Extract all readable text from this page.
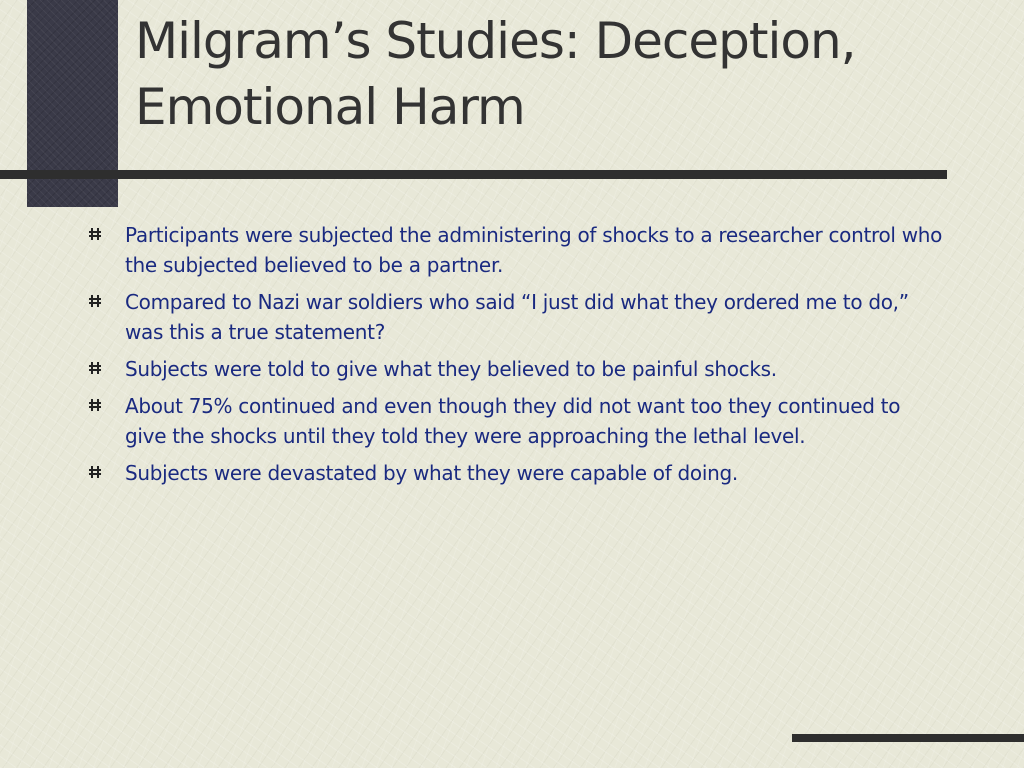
Milgram’s Studies: Deception, Emotional Harm
Participants were subjected the administering of shocks to a researcher control who the subjected believed to be a partner.
Compared to Nazi war soldiers who said “I just did what they ordered me to do,” was this a true statement?
Subjects were told to give what they believed to be painful shocks.
About 75% continued and even though they did not want too they continued to give the shocks until they told they were approaching the lethal level.
Subjects were devastated by what they were capable of doing.
